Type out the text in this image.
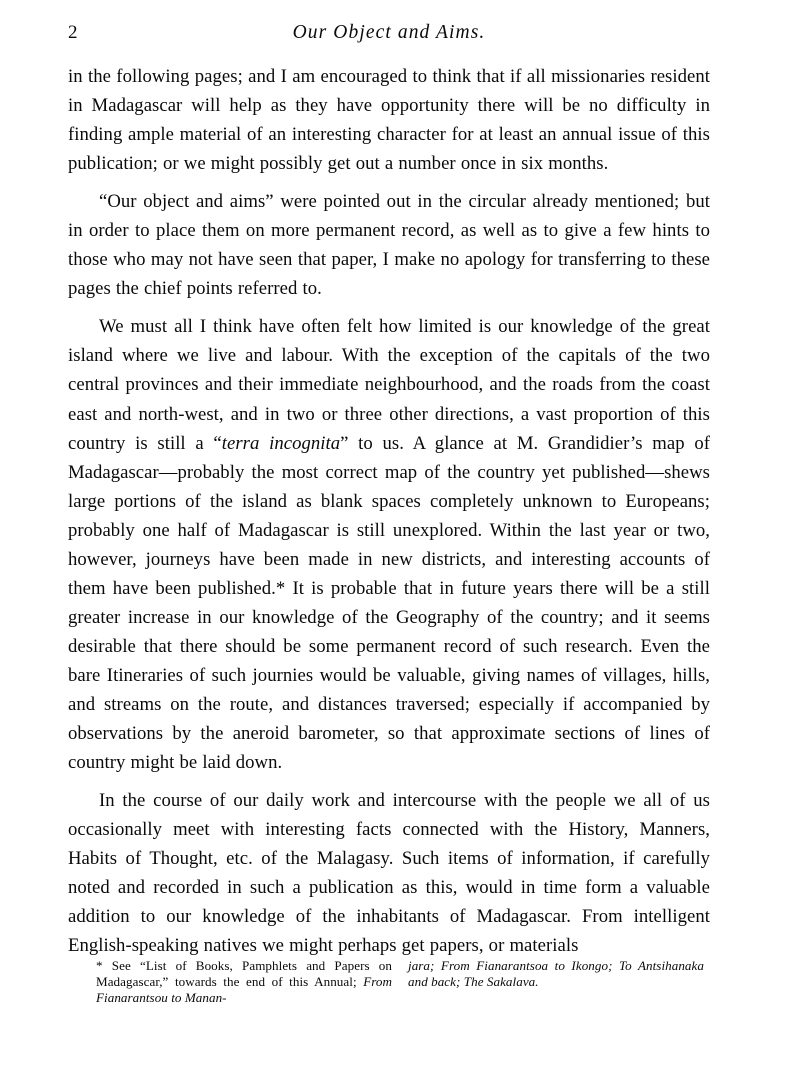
2	Our Object and Aims.

in the following pages; and I am encouraged to think that if all missionaries resident in Madagascar will help as they have opportunity there will be no difficulty in finding ample material of an interesting character for at least an annual issue of this publication; or we might possibly get out a number once in six months.

“Our object and aims” were pointed out in the circular already mentioned; but in order to place them on more permanent record, as well as to give a few hints to those who may not have seen that paper, I make no apology for transferring to these pages the chief points referred to.

We must all I think have often felt how limited is our knowledge of the great island where we live and labour. With the exception of the capitals of the two central provinces and their immediate neighbourhood, and the roads from the coast east and north-west, and in two or three other directions, a vast proportion of this country is still a “terra incognita” to us. A glance at M. Grandidier’s map of Madagascar—probably the most correct map of the country yet published—shews large portions of the island as blank spaces completely unknown to Europeans; probably one half of Madagascar is still unexplored. Within the last year or two, however, journeys have been made in new districts, and interesting accounts of them have been published.* It is probable that in future years there will be a still greater increase in our knowledge of the Geography of the country; and it seems desirable that there should be some permanent record of such research. Even the bare Itineraries of such journies would be valuable, giving names of villages, hills, and streams on the route, and distances traversed; especially if accompanied by observations by the aneroid barometer, so that approximate sections of lines of country might be laid down.

In the course of our daily work and intercourse with the people we all of us occasionally meet with interesting facts connected with the History, Manners, Habits of Thought, etc. of the Malagasy. Such items of information, if carefully noted and recorded in such a publication as this, would in time form a valuable addition to our knowledge of the inhabitants of Madagascar. From intelligent English-speaking natives we might perhaps get papers, or materials

* See “List of Books, Pamphlets and Papers on Madagascar,” towards the end of this Annual; From Fianarantsou to Manan-
jara; From Fianarantsoa to Ikongo; To Antsihanaka and back; The Sakalava.
